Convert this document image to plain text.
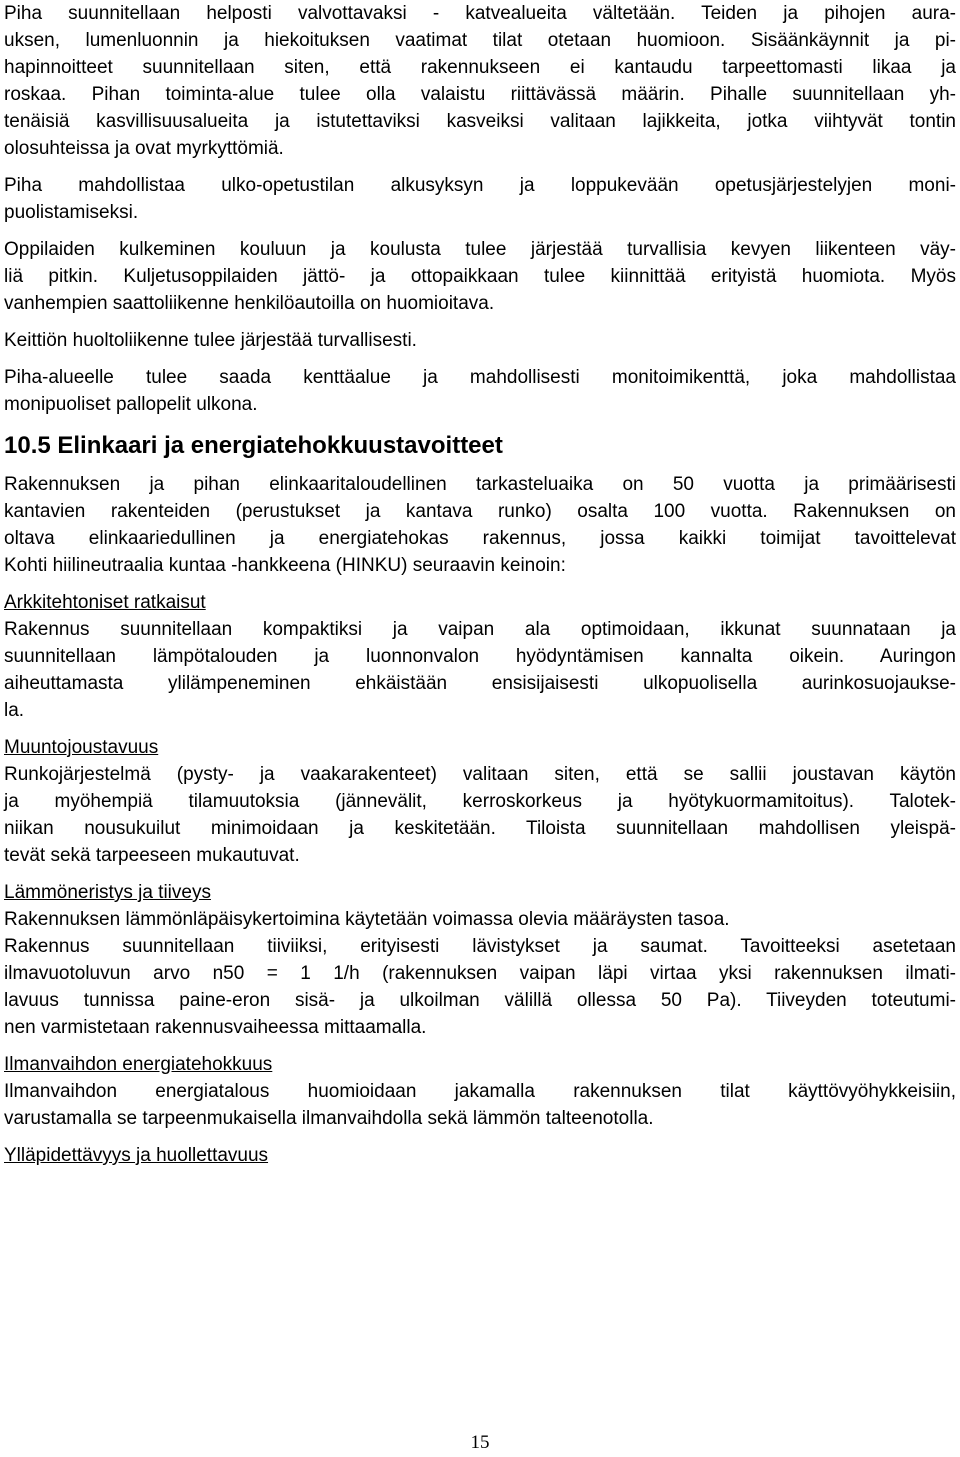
Piha suunnitellaan helposti valvottavaksi - katvealueita vältetään. Teiden ja pihojen aura-
uksen, lumenluonnin ja hiekoituksen vaatimat tilat otetaan huomioon. Sisäänkäynnit ja pi-
hapinnoitteet suunnitellaan siten, että rakennukseen ei kantaudu tarpeettomasti likaa ja
roskaa. Pihan toiminta-alue tulee olla valaistu riittävässä määrin. Pihalle suunnitellaan yh-
tenäisiä kasvillisuusalueita ja istutettaviksi kasveiksi valitaan lajikkeita, jotka viihtyvät tontin
olosuhteissa ja ovat myrkyttömiä.
Piha mahdollistaa ulko-opetustilan alkusyksyn ja loppukevään opetusjärjestelyjen moni-
puolistamiseksi.
Oppilaiden kulkeminen kouluun ja koulusta tulee järjestää turvallisia kevyen liikenteen väy-
liä pitkin. Kuljetusoppilaiden jättö- ja ottopaikkaan tulee kiinnittää erityistä huomiota. Myös
vanhempien saattoliikenne henkilöautoilla on huomioitava.
Keittiön huoltoliikenne tulee järjestää turvallisesti.
Piha-alueelle tulee saada kenttäalue ja mahdollisesti monitoimikenttä, joka mahdollistaa
monipuoliset pallopelit ulkona.
10.5 Elinkaari ja energiatehokkuustavoitteet
Rakennuksen ja pihan elinkaaritaloudellinen tarkasteluaika on 50 vuotta ja primäärisesti
kantavien rakenteiden (perustukset ja kantava runko) osalta 100 vuotta. Rakennuksen on
oltava elinkaariedullinen ja energiatehokas rakennus, jossa kaikki toimijat tavoittelevat
Kohti hiilineutraalia kuntaa -hankkeena (HINKU) seuraavin keinoin:
Arkkitehtoniset ratkaisut
Rakennus suunnitellaan kompaktiksi ja vaipan ala optimoidaan, ikkunat suunnataan ja
suunnitellaan lämpötalouden ja luonnonvalon hyödyntämisen kannalta oikein. Auringon
aiheuttamasta ylilämpeneminen ehkäistään ensisijaisesti ulkopuolisella aurinkosuojaukse-
la.
Muuntojoustavuus
Runkojärjestelmä (pysty- ja vaakarakenteet) valitaan siten, että se sallii joustavan käytön
ja myöhempiä tilamuutoksia (jännevälit, kerroskorkeus ja hyötykuormamitoitus). Talotek-
niikan nousukuilut minimoidaan ja keskitetään. Tiloista suunnitellaan mahdollisen yleispä-
tevät sekä tarpeeseen mukautuvat.
Lämmöneristys ja tiiveys
Rakennuksen lämmönläpäisykertoimina käytetään voimassa olevia määräysten tasoa.
Rakennus suunnitellaan tiiviiksi, erityisesti lävistykset ja saumat. Tavoitteeksi asetetaan
ilmavuotoluvun arvo n50 = 1 1/h (rakennuksen vaipan läpi virtaa yksi rakennuksen ilmati-
lavuus tunnissa paine-eron sisä- ja ulkoilman välillä ollessa 50 Pa). Tiiveyden toteutumi-
nen varmistetaan rakennusvaiheessa mittaamalla.
Ilmanvaihdon energiatehokkuus
Ilmanvaihdon energiatalous huomioidaan jakamalla rakennuksen tilat käyttövyöhykkeisiin,
varustamalla se tarpeenmukaisella ilmanvaihdolla sekä lämmön talteenotolla.
Ylläpidettävyys ja huollettavuus
15
